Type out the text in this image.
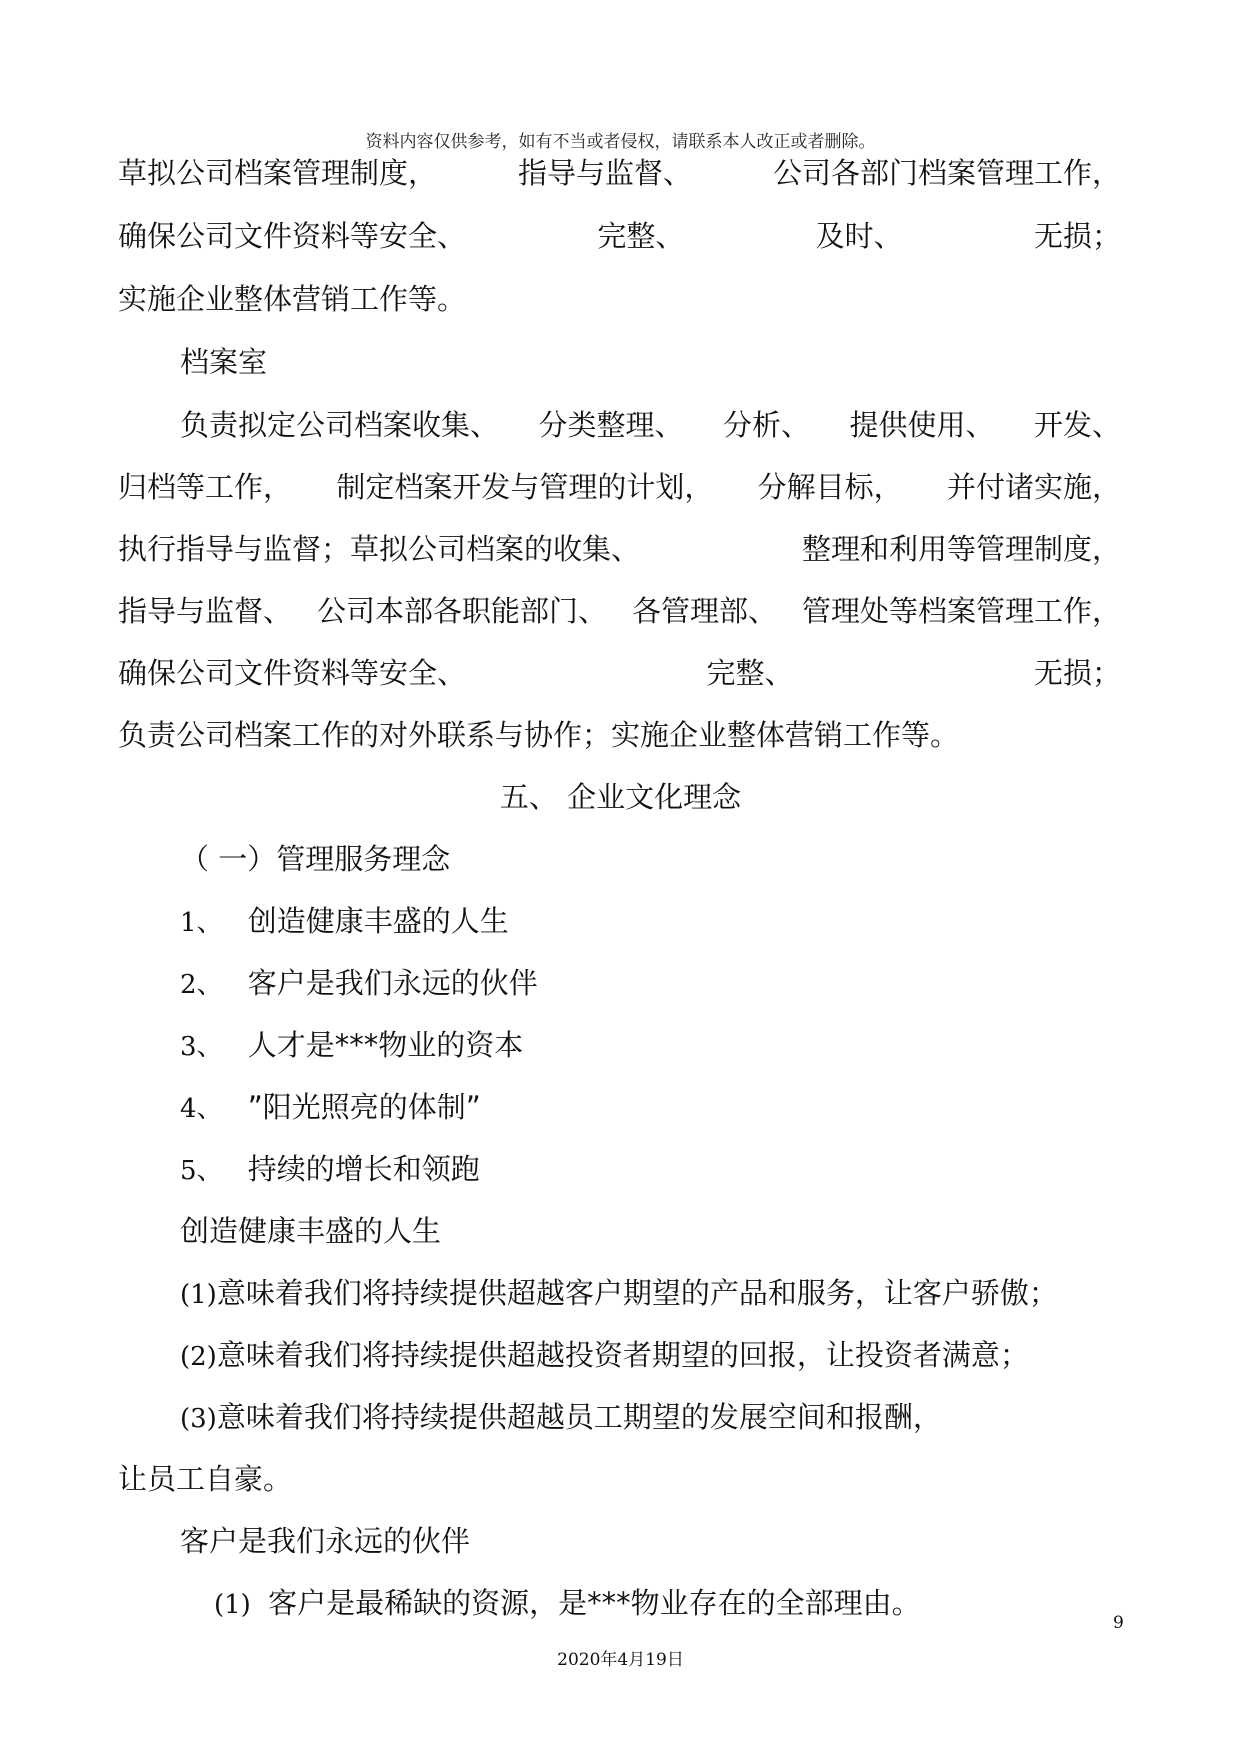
资料内容仅供参考，如有不当或者侵权，请联系本人改正或者删除。
草拟公司档案管理制度，	指导与监督、	公司各部门档案管理工作，
确保公司文件资料等安全、	完整、	及时、	无损；
实施企业整体营销工作等。
档案室
负责拟定公司档案收集、 分类整理、 分析、 提供使用、 开发、
归档等工作， 制定档案开发与管理的计划， 分解目标， 并付诸实施，
执行指导与监督；草拟公司档案的收集、	整理和利用等管理制度，
指导与监督、 公司本部各职能部门、 各管理部、 管理处等档案管理工作，
确保公司文件资料等安全、	完整、	无损；
负责公司档案工作的对外联系与协作；实施企业整体营销工作等。
五、 企业文化理念
（ 一）管理服务理念
1、 创造健康丰盛的人生
2、 客户是我们永远的伙伴
3、 人才是***物业的资本
4、 ”阳光照亮的体制”
5、 持续的增长和领跑
创造健康丰盛的人生
(1)意味着我们将持续提供超越客户期望的产品和服务，让客户骄傲；
(2)意味着我们将持续提供超越投资者期望的回报，让投资者满意；
(3)意味着我们将持续提供超越员工期望的发展空间和报酬，
让员工自豪。
客户是我们永远的伙伴
(1) 客户是最稀缺的资源，是***物业存在的全部理由。
9
2020年4月19日
